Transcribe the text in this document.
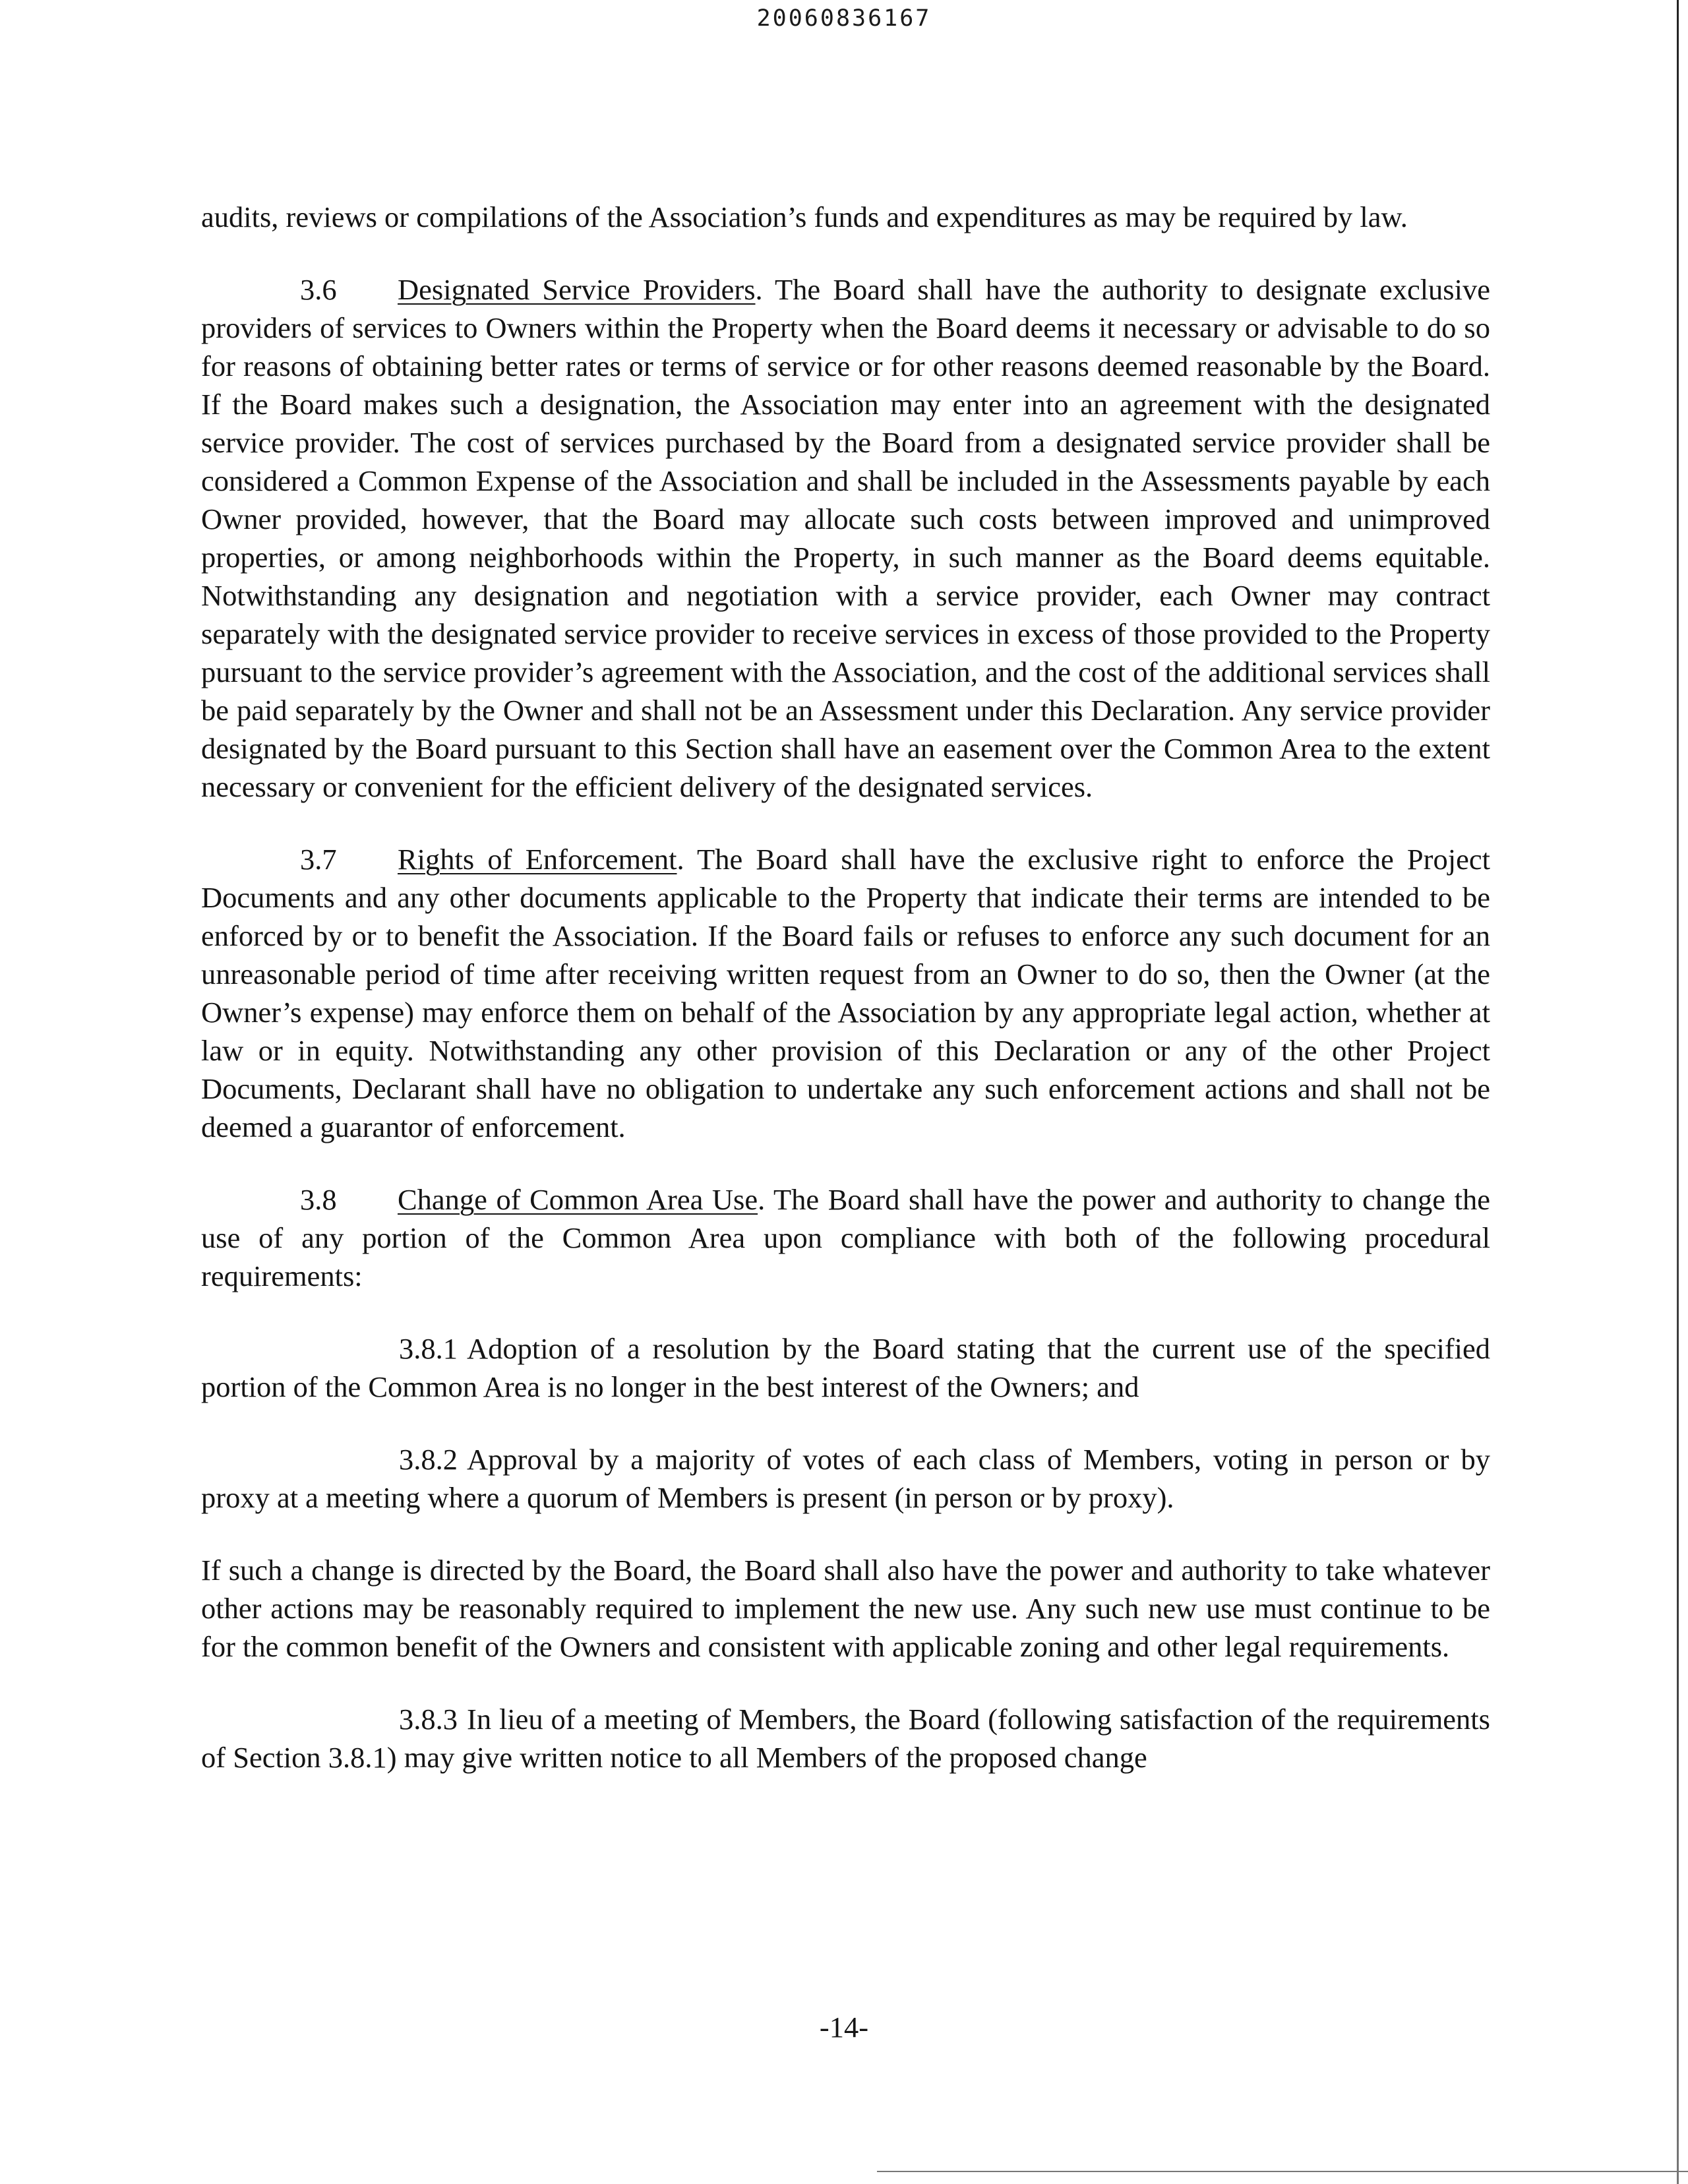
20060836167

audits, reviews or compilations of the Association’s funds and expenditures as may be required by law.

3.6 Designated Service Providers. The Board shall have the authority to designate exclusive providers of services to Owners within the Property when the Board deems it necessary or advisable to do so for reasons of obtaining better rates or terms of service or for other reasons deemed reasonable by the Board. If the Board makes such a designation, the Association may enter into an agreement with the designated service provider. The cost of services purchased by the Board from a designated service provider shall be considered a Common Expense of the Association and shall be included in the Assessments payable by each Owner provided, however, that the Board may allocate such costs between improved and unimproved properties, or among neighborhoods within the Property, in such manner as the Board deems equitable. Notwithstanding any designation and negotiation with a service provider, each Owner may contract separately with the designated service provider to receive services in excess of those provided to the Property pursuant to the service provider’s agreement with the Association, and the cost of the additional services shall be paid separately by the Owner and shall not be an Assessment under this Declaration. Any service provider designated by the Board pursuant to this Section shall have an easement over the Common Area to the extent necessary or convenient for the efficient delivery of the designated services.

3.7 Rights of Enforcement. The Board shall have the exclusive right to enforce the Project Documents and any other documents applicable to the Property that indicate their terms are intended to be enforced by or to benefit the Association. If the Board fails or refuses to enforce any such document for an unreasonable period of time after receiving written request from an Owner to do so, then the Owner (at the Owner’s expense) may enforce them on behalf of the Association by any appropriate legal action, whether at law or in equity. Notwithstanding any other provision of this Declaration or any of the other Project Documents, Declarant shall have no obligation to undertake any such enforcement actions and shall not be deemed a guarantor of enforcement.

3.8 Change of Common Area Use. The Board shall have the power and authority to change the use of any portion of the Common Area upon compliance with both of the following procedural requirements:

3.8.1 Adoption of a resolution by the Board stating that the current use of the specified portion of the Common Area is no longer in the best interest of the Owners; and

3.8.2 Approval by a majority of votes of each class of Members, voting in person or by proxy at a meeting where a quorum of Members is present (in person or by proxy).

If such a change is directed by the Board, the Board shall also have the power and authority to take whatever other actions may be reasonably required to implement the new use. Any such new use must continue to be for the common benefit of the Owners and consistent with applicable zoning and other legal requirements.

3.8.3 In lieu of a meeting of Members, the Board (following satisfaction of the requirements of Section 3.8.1) may give written notice to all Members of the proposed change

-14-
